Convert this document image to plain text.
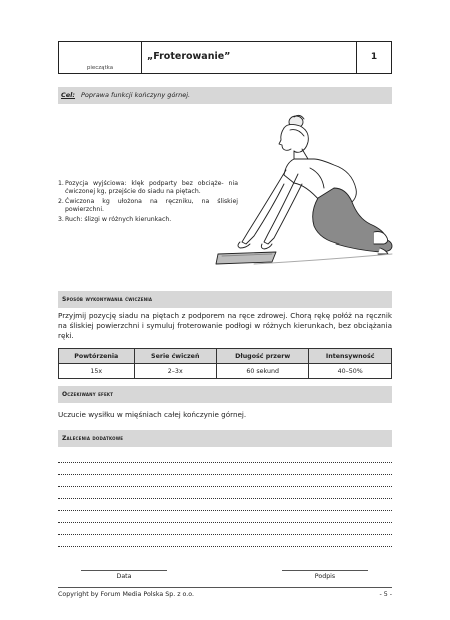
pieczątka
„Froterowanie”	1
Cel: Poprawa funkcji kończyny górnej.
1. Pozycja wyjściowa: klęk podparty bez obciąże- nia ćwiczonej kg, przejście do siadu na piętach.
2. Ćwiczona kg ułożona na ręczniku, na śliskiej powierzchni.
3. Ruch: ślizgi w różnych kierunkach.
Sposób wykonywania ćwiczenia
Przyjmij pozycję siadu na piętach z podporem na ręce zdrowej. Chorą rękę połóż na ręcznik na śliskiej powierzchni i symuluj froterowanie podłogi w różnych kierunkach, bez obciążania ręki.
Powtórzenia	Serie ćwiczeń	Długość przerw	Intensywność
15x	2–3x	60 sekund	40–50%
Oczekiwany efekt
Uczucie wysiłku w mięśniach całej kończynie górnej.
Zalecenia dodatkowe
Data	Podpis
Copyright by Forum Media Polska Sp. z o.o.	- 5 -
